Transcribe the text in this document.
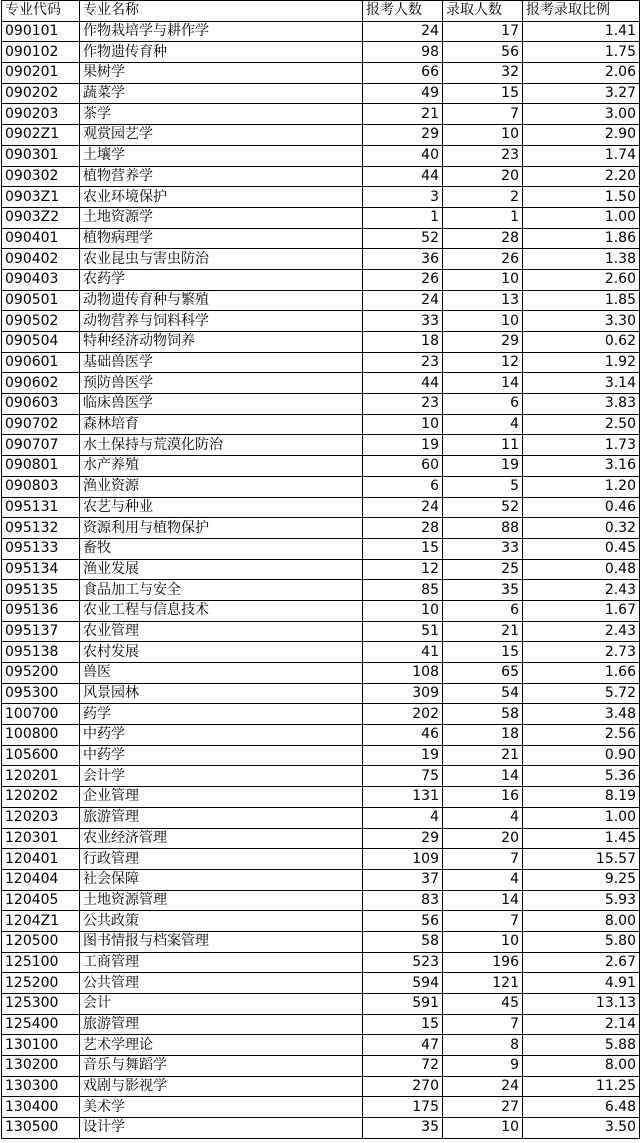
专业代码	专业名称	报考人数	录取人数	报考录取比例
090101	作物栽培学与耕作学	24	17	1.41
090102	作物遗传育种	98	56	1.75
090201	果树学	66	32	2.06
090202	蔬菜学	49	15	3.27
090203	茶学	21	7	3.00
0902Z1	观赏园艺学	29	10	2.90
090301	土壤学	40	23	1.74
090302	植物营养学	44	20	2.20
0903Z1	农业环境保护	3	2	1.50
0903Z2	土地资源学	1	1	1.00
090401	植物病理学	52	28	1.86
090402	农业昆虫与害虫防治	36	26	1.38
090403	农药学	26	10	2.60
090501	动物遗传育种与繁殖	24	13	1.85
090502	动物营养与饲料科学	33	10	3.30
090504	特种经济动物饲养	18	29	0.62
090601	基础兽医学	23	12	1.92
090602	预防兽医学	44	14	3.14
090603	临床兽医学	23	6	3.83
090702	森林培育	10	4	2.50
090707	水土保持与荒漠化防治	19	11	1.73
090801	水产养殖	60	19	3.16
090803	渔业资源	6	5	1.20
095131	农艺与种业	24	52	0.46
095132	资源利用与植物保护	28	88	0.32
095133	畜牧	15	33	0.45
095134	渔业发展	12	25	0.48
095135	食品加工与安全	85	35	2.43
095136	农业工程与信息技术	10	6	1.67
095137	农业管理	51	21	2.43
095138	农村发展	41	15	2.73
095200	兽医	108	65	1.66
095300	风景园林	309	54	5.72
100700	药学	202	58	3.48
100800	中药学	46	18	2.56
105600	中药学	19	21	0.90
120201	会计学	75	14	5.36
120202	企业管理	131	16	8.19
120203	旅游管理	4	4	1.00
120301	农业经济管理	29	20	1.45
120401	行政管理	109	7	15.57
120404	社会保障	37	4	9.25
120405	土地资源管理	83	14	5.93
1204Z1	公共政策	56	7	8.00
120500	图书情报与档案管理	58	10	5.80
125100	工商管理	523	196	2.67
125200	公共管理	594	121	4.91
125300	会计	591	45	13.13
125400	旅游管理	15	7	2.14
130100	艺术学理论	47	8	5.88
130200	音乐与舞蹈学	72	9	8.00
130300	戏剧与影视学	270	24	11.25
130400	美术学	175	27	6.48
130500	设计学	35	10	3.50
